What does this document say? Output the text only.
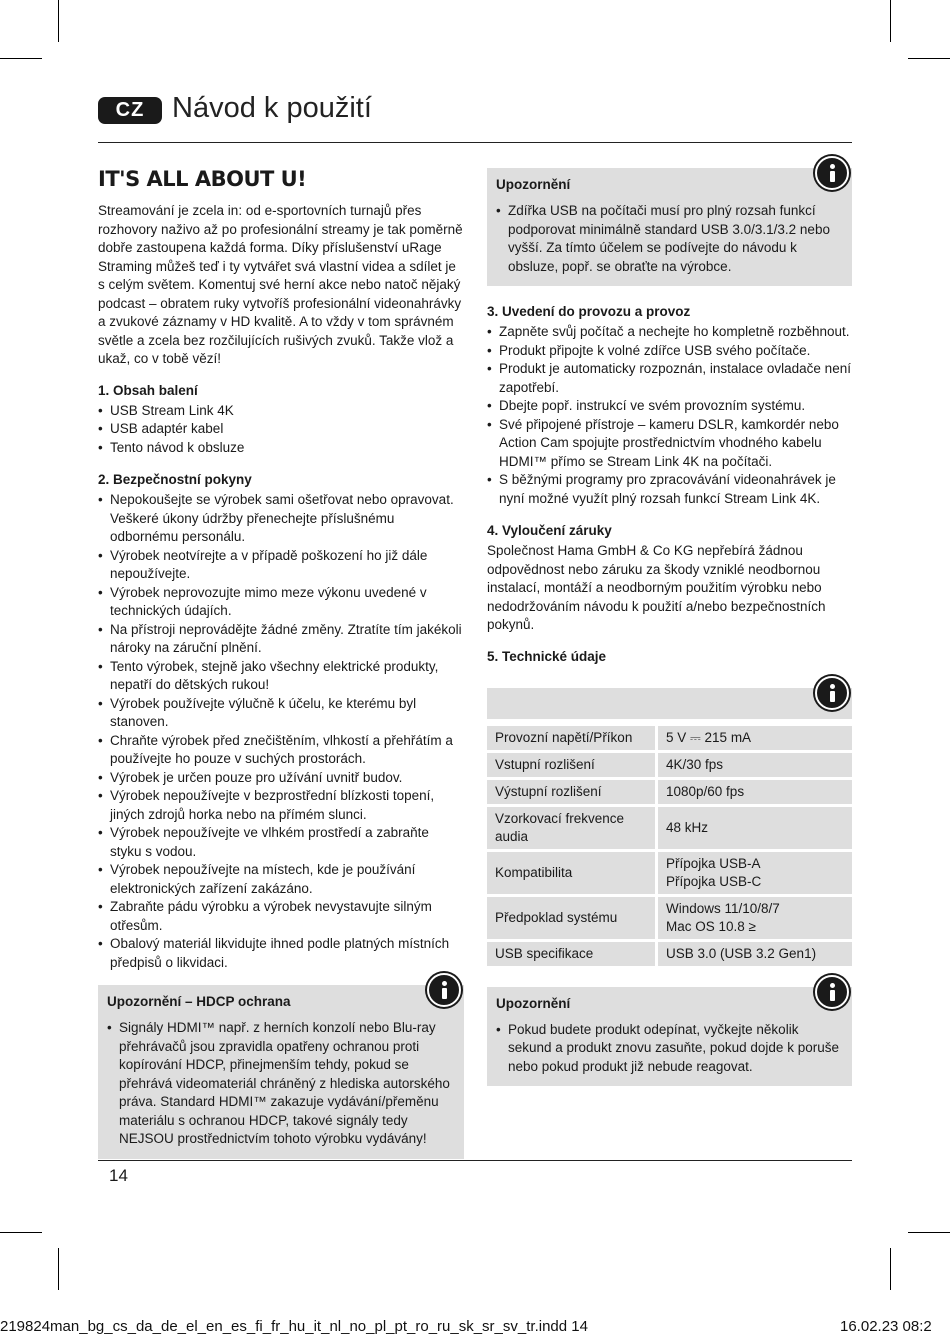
CZ Návod k použití
IT'S ALL ABOUT U!

Streamování je zcela in: od e-sportovních turnajů přes rozhovory naživo až po profesionální streamy je tak poměrně dobře zastoupena každá forma. Díky příslušenství uRage Straming můžeš teď i ty vytvářet svá vlastní videa a sdílet je s celým světem. Komentuj své herní akce nebo natoč nějaký podcast – obratem ruky vytvoříš profesionální videonahrávky a zvukové záznamy v HD kvalitě. A to vždy v tom správném světle a zcela bez rozčilujících rušivých zvuků. Takže vlož a ukaž, co v tobě vězí!

1. Obsah balení
• USB Stream Link 4K
• USB adaptér kabel
• Tento návod k obsluze
2. Bezpečnostní pokyny
• Nepokoušejte se výrobek sami ošetřovat nebo opravovat. Veškeré úkony údržby přenechejte příslušnému odbornému personálu.
• Výrobek neotvírejte a v případě poškození ho již dále nepoužívejte.
• Výrobek neprovozujte mimo meze výkonu uvedené v technických údajích.
• Na přístroji neprovádějte žádné změny. Ztratíte tím jakékoli nároky na záruční plnění.
• Tento výrobek, stejně jako všechny elektrické produkty, nepatří do dětských rukou!
• Výrobek používejte výlučně k účelu, ke kterému byl stanoven.
• Chraňte výrobek před znečištěním, vlhkostí a přehřátím a používejte ho pouze v suchých prostorách.
• Výrobek je určen pouze pro užívání uvnitř budov.
• Výrobek nepoužívejte v bezprostřední blízkosti topení, jiných zdrojů horka nebo na přímém slunci.
• Výrobek nepoužívejte ve vlhkém prostředí a zabraňte styku s vodou.
• Výrobek nepoužívejte na místech, kde je používání elektronických zařízení zakázáno.
• Zabraňte pádu výrobku a výrobek nevystavujte silným otřesům.
• Obalový materiál likvidujte ihned podle platných místních předpisů o likvidaci.
Upozornění – HDCP ochrana
• Signály HDMI™ např. z herních konzolí nebo Blu-ray přehrávačů jsou zpravidla opatřeny ochranou proti kopírování HDCP, přinejmenším tehdy, pokud se přehrává videomateriál chráněný z hlediska autorského práva. Standard HDMI™ zakazuje vydávání/přeměnu materiálu s ochranou HDCP, takové signály tedy NEJSOU prostřednictvím tohoto výrobku vydávány!
Upozornění
• Zdířka USB na počítači musí pro plný rozsah funkcí podporovat minimálně standard USB 3.0/3.1/3.2 nebo vyšší. Za tímto účelem se podívejte do návodu k obsluze, popř. se obraťte na výrobce.
3. Uvedení do provozu a provoz
• Zapněte svůj počítač a nechejte ho kompletně rozběhnout.
• Produkt připojte k volné zdířce USB svého počítače.
• Produkt je automaticky rozpoznán, instalace ovladače není zapotřebí.
• Dbejte popř. instrukcí ve svém provozním systému.
• Své připojené přístroje – kameru DSLR, kamkordér nebo Action Cam spojujte prostřednictvím vhodného kabelu HDMI™ přímo se Stream Link 4K na počítači.
• S běžnými programy pro zpracovávání videonahrávek je nyní možné využít plný rozsah funkcí Stream Link 4K.
4. Vyloučení záruky

Společnost Hama GmbH & Co KG nepřebírá žádnou odpovědnost nebo záruku za škody vzniklé neodbornou instalací, montáží a neodborným použitím výrobku nebo nedodržováním návodu k použití a/nebo bezpečnostních pokynů.

5. Technické údaje
Provozní napětí/Příkon	5 V ⎓ 215 mA
Vstupní rozlišení	4K/30 fps
Výstupní rozlišení	1080p/60 fps
Vzorkovací frekvence audia	48 kHz
Kompatibilita	Přípojka USB-A
Přípojka USB-C

Předpoklad systému	Windows 11/10/8/7
Mac OS 10.8 ≥

USB specifikace	USB 3.0 (USB 3.2 Gen1)
Upozornění
• Pokud budete produkt odepínat, vyčkejte několik sekund a produkt znovu zasuňte, pokud dojde k poruše nebo pokud produkt již nebude reagovat.
14
219824man_bg_cs_da_de_el_en_es_fi_fr_hu_it_nl_no_pl_pt_ro_ru_sk_sr_sv_tr.indd 14	16.02.23 08:2
